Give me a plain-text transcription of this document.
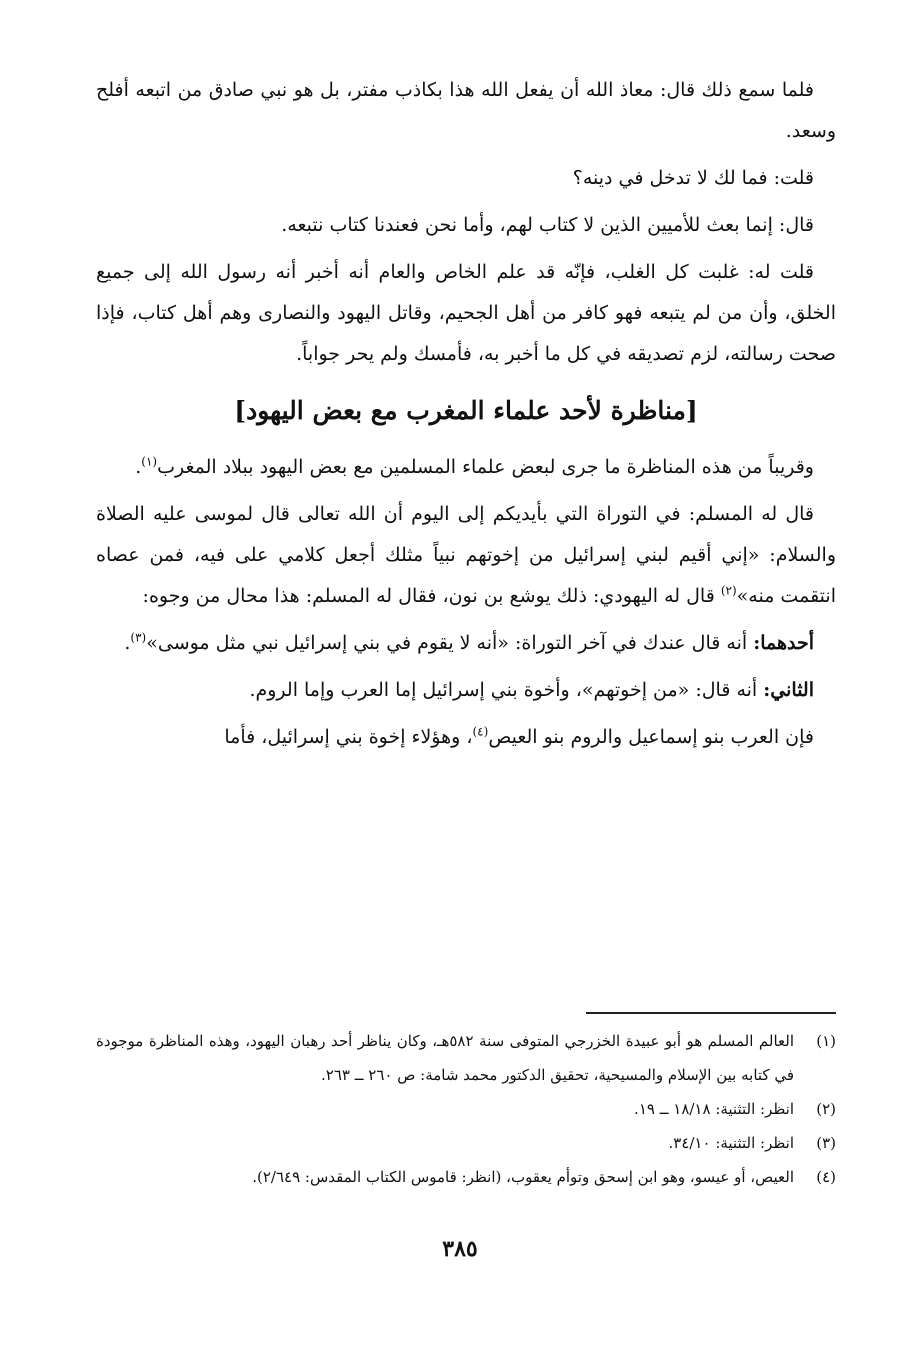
فلما سمع ذلك قال: معاذ الله أن يفعل الله هذا بكاذب مفتر، بل هو نبي صادق من اتبعه أفلح وسعد.

قلت: فما لك لا تدخل في دينه؟

قال: إنما بعث للأميين الذين لا كتاب لهم، وأما نحن فعندنا كتاب نتبعه.

قلت له: غلبت كل الغلب، فإنّه قد علم الخاص والعام أنه أخبر أنه رسول الله إلى جميع الخلق، وأن من لم يتبعه فهو كافر من أهل الجحيم، وقاتل اليهود والنصارى وهم أهل كتاب، فإذا صحت رسالته، لزم تصديقه في كل ما أخبر به، فأمسك ولم يحر جواباً.

[مناظرة لأحد علماء المغرب مع بعض اليهود]

وقريباً من هذه المناظرة ما جرى لبعض علماء المسلمين مع بعض اليهود ببلاد المغرب$^{(١)}$.

قال له المسلم: في التوراة التي بأيديكم إلى اليوم أن الله تعالى قال لموسى عليه الصلاة والسلام: «إني أقيم لبني إسرائيل من إخوتهم نبياً مثلك أجعل كلامي على فيه، فمن عصاه انتقمت منه»$^{(٢)}$ قال له اليهودي: ذلك يوشع بن نون، فقال له المسلم: هذا محال من وجوه:

أحدهما: أنه قال عندك في آخر التوراة: «أنه لا يقوم في بني إسرائيل نبي مثل موسى»$^{(٣)}$.

الثاني: أنه قال: «من إخوتهم»، وأخوة بني إسرائيل إما العرب وإما الروم.

فإن العرب بنو إسماعيل والروم بنو العيص$^{(٤)}$، وهؤلاء إخوة بني إسرائيل، فأما

(١)
العالم المسلم هو أبو عبيدة الخزرجي المتوفى سنة ٥٨٢هـ، وكان يناظر أحد رهبان اليهود، وهذه المناظرة موجودة في كتابه بين الإسلام والمسيحية، تحقيق الدكتور محمد شامة: ص ٢٦٠ ــ ٢٦٣.
(٢)
انظر: التثنية: ١٨/١٨ ــ ١٩.
(٣)
انظر: التثنية: ٣٤/١٠.
(٤)
العيص، أو عيسو، وهو ابن إسحق وتوأم يعقوب، (انظر: قاموس الكتاب المقدس: ٢/٦٤٩).
٣٨٥
